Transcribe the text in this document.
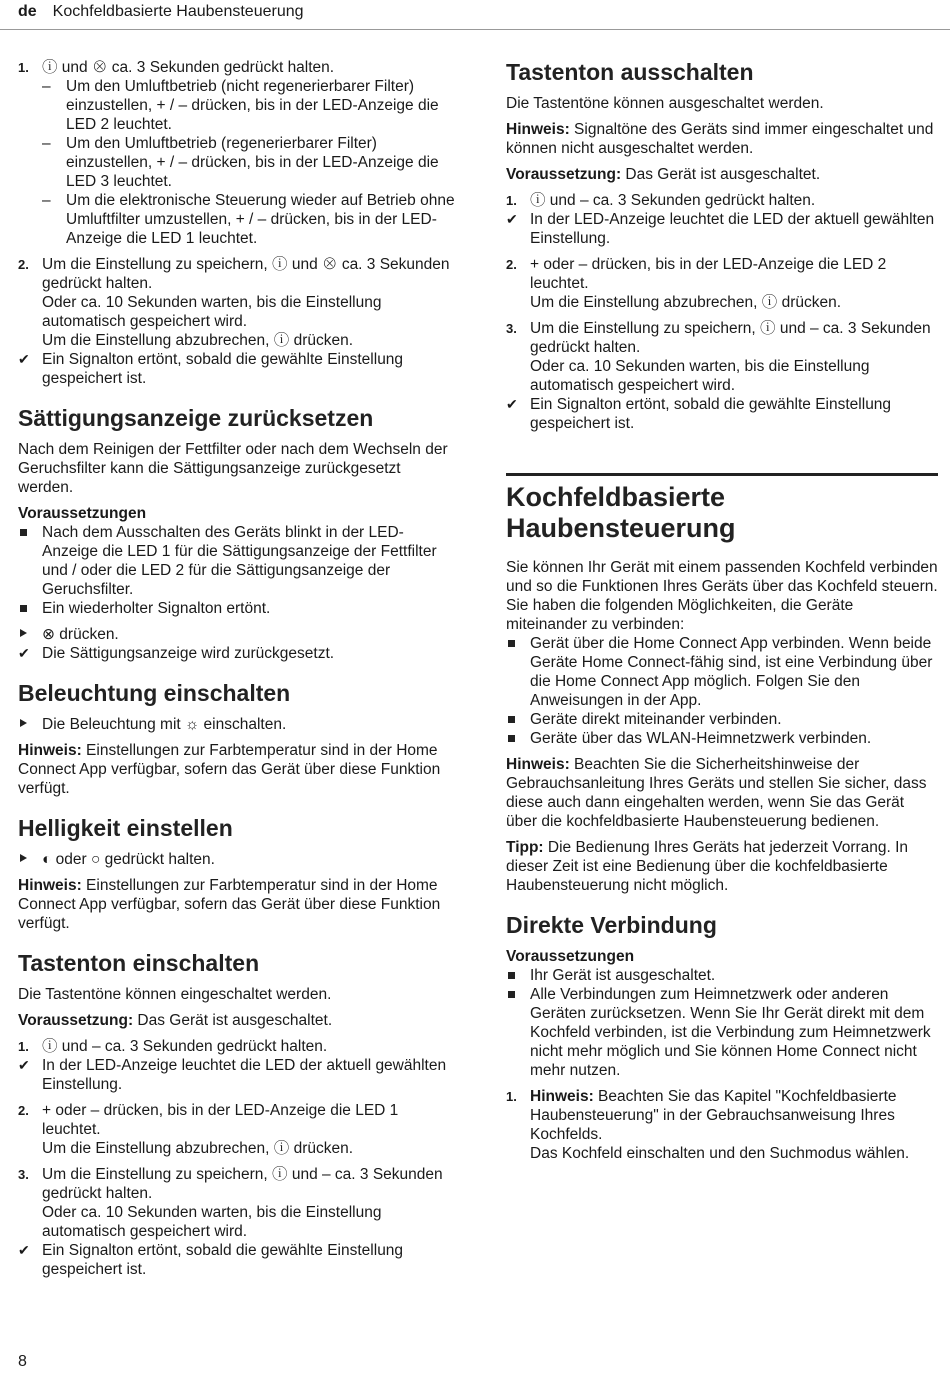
de Kochfeldbasierte Haubensteuerung
1. ⓘ und ⊗ ca. 3 Sekunden gedrückt halten.
– Um den Umluftbetrieb (nicht regenerierbarer Filter) einzustellen, + / – drücken, bis in der LED-Anzeige die LED 2 leuchtet.
– Um den Umluftbetrieb (regenerierbarer Filter) einzustellen, + / – drücken, bis in der LED-Anzeige die LED 3 leuchtet.
– Um die elektronische Steuerung wieder auf Betrieb ohne Umluftfilter umzustellen, + / – drücken, bis in der LED-Anzeige die LED 1 leuchtet.
2. Um die Einstellung zu speichern, ⓘ und ⊗ ca. 3 Sekunden gedrückt halten.
Oder ca. 10 Sekunden warten, bis die Einstellung automatisch gespeichert wird.
Um die Einstellung abzubrechen, ⓘ drücken.
✔ Ein Signalton ertönt, sobald die gewählte Einstellung gespeichert ist.
Sättigungsanzeige zurücksetzen

Nach dem Reinigen der Fettfilter oder nach dem Wechseln der Geruchsfilter kann die Sättigungsanzeige zurückgesetzt werden.

Voraussetzungen

Nach dem Ausschalten des Geräts blinkt in der LED-Anzeige die LED 1 für die Sättigungsanzeige der Fettfilter und / oder die LED 2 für die Sättigungsanzeige der Geruchsfilter.
Ein wiederholter Signalton ertönt.
⊗ drücken.
✔ Die Sättigungsanzeige wird zurückgesetzt.
Beleuchtung einschalten
Die Beleuchtung mit ☼ einschalten.

Hinweis: Einstellungen zur Farbtemperatur sind in der Home Connect App verfügbar, sofern das Gerät über diese Funktion verfügt.

Helligkeit einstellen
◐ oder ○ gedrückt halten.

Hinweis: Einstellungen zur Farbtemperatur sind in der Home Connect App verfügbar, sofern das Gerät über diese Funktion verfügt.

Tastenton einschalten

Die Tastentöne können eingeschaltet werden.

Voraussetzung: Das Gerät ist ausgeschaltet.

1. ⓘ und – ca. 3 Sekunden gedrückt halten.
✔ In der LED-Anzeige leuchtet die LED der aktuell gewählten Einstellung.
2. + oder – drücken, bis in der LED-Anzeige die LED 1 leuchtet.
Um die Einstellung abzubrechen, ⓘ drücken.
3. Um die Einstellung zu speichern, ⓘ und – ca. 3 Sekunden gedrückt halten.
Oder ca. 10 Sekunden warten, bis die Einstellung automatisch gespeichert wird.
✔ Ein Signalton ertönt, sobald die gewählte Einstellung gespeichert ist.
Tastenton ausschalten

Die Tastentöne können ausgeschaltet werden.

Hinweis: Signaltöne des Geräts sind immer eingeschaltet und können nicht ausgeschaltet werden.

Voraussetzung: Das Gerät ist ausgeschaltet.

1. ⓘ und – ca. 3 Sekunden gedrückt halten.
✔ In der LED-Anzeige leuchtet die LED der aktuell gewählten Einstellung.
2. + oder – drücken, bis in der LED-Anzeige die LED 2 leuchtet.
Um die Einstellung abzubrechen, ⓘ drücken.
3. Um die Einstellung zu speichern, ⓘ und – ca. 3 Sekunden gedrückt halten.
Oder ca. 10 Sekunden warten, bis die Einstellung automatisch gespeichert wird.
✔ Ein Signalton ertönt, sobald die gewählte Einstellung gespeichert ist.
Kochfeldbasierte Haubensteuerung

Sie können Ihr Gerät mit einem passenden Kochfeld verbinden und so die Funktionen Ihres Geräts über das Kochfeld steuern.

Sie haben die folgenden Möglichkeiten, die Geräte miteinander zu verbinden:

Gerät über die Home Connect App verbinden. Wenn beide Geräte Home Connect-fähig sind, ist eine Verbindung über die Home Connect App möglich. Folgen Sie den Anweisungen in der App.
Geräte direkt miteinander verbinden.
Geräte über das WLAN-Heimnetzwerk verbinden.

Hinweis: Beachten Sie die Sicherheitshinweise der Gebrauchsanleitung Ihres Geräts und stellen Sie sicher, dass diese auch dann eingehalten werden, wenn Sie das Gerät über die kochfeldbasierte Haubensteuerung bedienen.

Tipp: Die Bedienung Ihres Geräts hat jederzeit Vorrang. In dieser Zeit ist eine Bedienung über die kochfeldbasierte Haubensteuerung nicht möglich.

Direkte Verbindung

Voraussetzungen

Ihr Gerät ist ausgeschaltet.
Alle Verbindungen zum Heimnetzwerk oder anderen Geräten zurücksetzen. Wenn Sie Ihr Gerät direkt mit dem Kochfeld verbinden, ist die Verbindung zum Heimnetzwerk nicht mehr möglich und Sie können Home Connect nicht mehr nutzen.
1. Hinweis: Beachten Sie das Kapitel "Kochfeldbasierte Haubensteuerung" in der Gebrauchsanweisung Ihres Kochfelds.
Das Kochfeld einschalten und den Suchmodus wählen.
8
